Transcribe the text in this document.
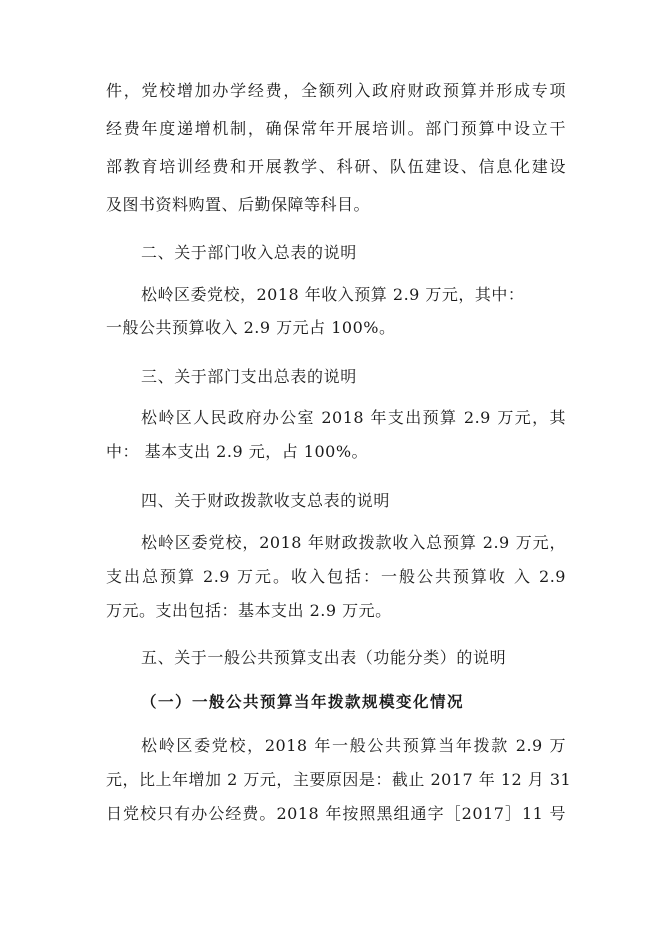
件，党校增加办学经费，全额列入政府财政预算并形成专项
经费年度递增机制，确保常年开展培训。部门预算中设立干
部教育培训经费和开展教学、科研、队伍建设、信息化建设
及图书资料购置、后勤保障等科目。
二、关于部门收入总表的说明
松岭区委党校，2018 年收入预算 2.9 万元，其中：
一般公共预算收入 2.9 万元占 100%。
三、关于部门支出总表的说明
松岭区人民政府办公室 2018 年支出预算 2.9 万元，其
中： 基本支出 2.9 元，占 100%。
四、关于财政拨款收支总表的说明
松岭区委党校，2018 年财政拨款收入总预算 2.9 万元，
支出总预算 2.9 万元。收入包括：一般公共预算收 入 2.9
万元。支出包括：基本支出 2.9 万元。
五、关于一般公共预算支出表（功能分类）的说明
（一）一般公共预算当年拨款规模变化情况
松岭区委党校，2018 年一般公共预算当年拨款 2.9 万
元，比上年增加 2 万元，主要原因是：截止 2017 年 12 月 31
日党校只有办公经费。2018 年按照黑组通字［2017］11 号
